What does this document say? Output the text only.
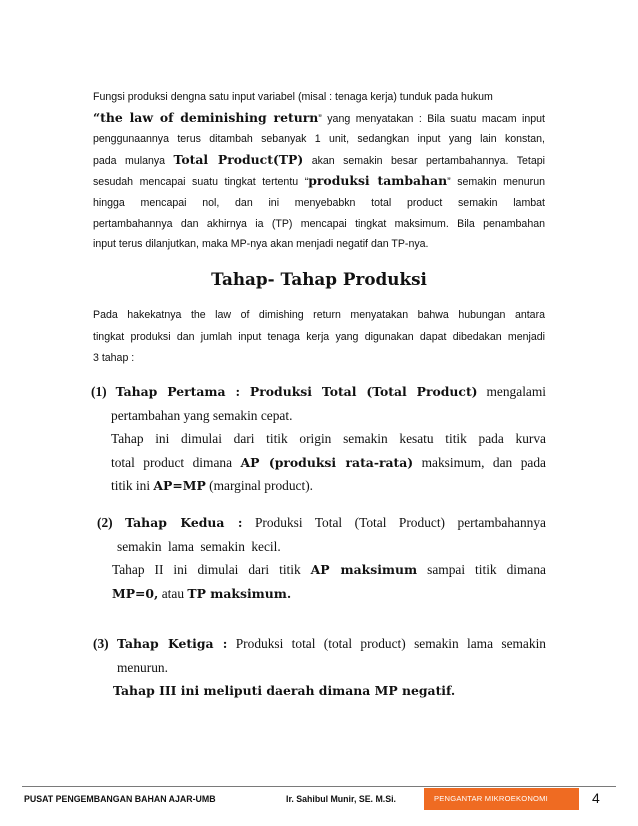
Fungsi produksi dengna satu input variabel (misal : tenaga kerja) tunduk pada hukum
“the law of deminishing return” yang menyatakan : Bila suatu macam input
penggunaannya terus ditambah sebanyak 1 unit, sedangkan input yang lain konstan,
pada mulanya Total Product(TP) akan semakin besar pertambahannya. Tetapi
sesudah mencapai suatu tingkat tertentu “produksi tambahan” semakin menurun
hingga mencapai nol, dan ini menyebabkn total product semakin lambat
pertambahannya dan akhirnya ia (TP) mencapai tingkat maksimum. Bila penambahan
input terus dilanjutkan, maka MP-nya akan menjadi negatif dan TP-nya.
Tahap- Tahap Produksi
Pada hakekatnya the law of dimishing return menyatakan bahwa hubungan antara
tingkat produksi dan jumlah input tenaga kerja yang digunakan dapat dibedakan menjadi
3 tahap :
(1) Tahap Pertama : Produksi Total (Total Product) mengalami
pertambahan yang semakin cepat.
Tahap ini dimulai dari titik origin semakin kesatu titik pada kurva
total product dimana AP (produksi rata-rata) maksimum, dan pada
titik ini AP=MP (marginal product).
(2) Tahap Kedua : Produksi Total (Total Product) pertambahannya
semakin lama semakin kecil.
Tahap II ini dimulai dari titik AP maksimum sampai titik dimana
MP=0, atau TP maksimum.
(3) Tahap Ketiga : Produksi total (total product) semakin lama semakin
menurun.
Tahap III ini meliputi daerah dimana MP negatif.
PUSAT PENGEMBANGAN BAHAN AJAR-UMB	Ir. Sahibul Munir, SE. M.Si.	PENGANTAR MIKROEKONOMI	4
